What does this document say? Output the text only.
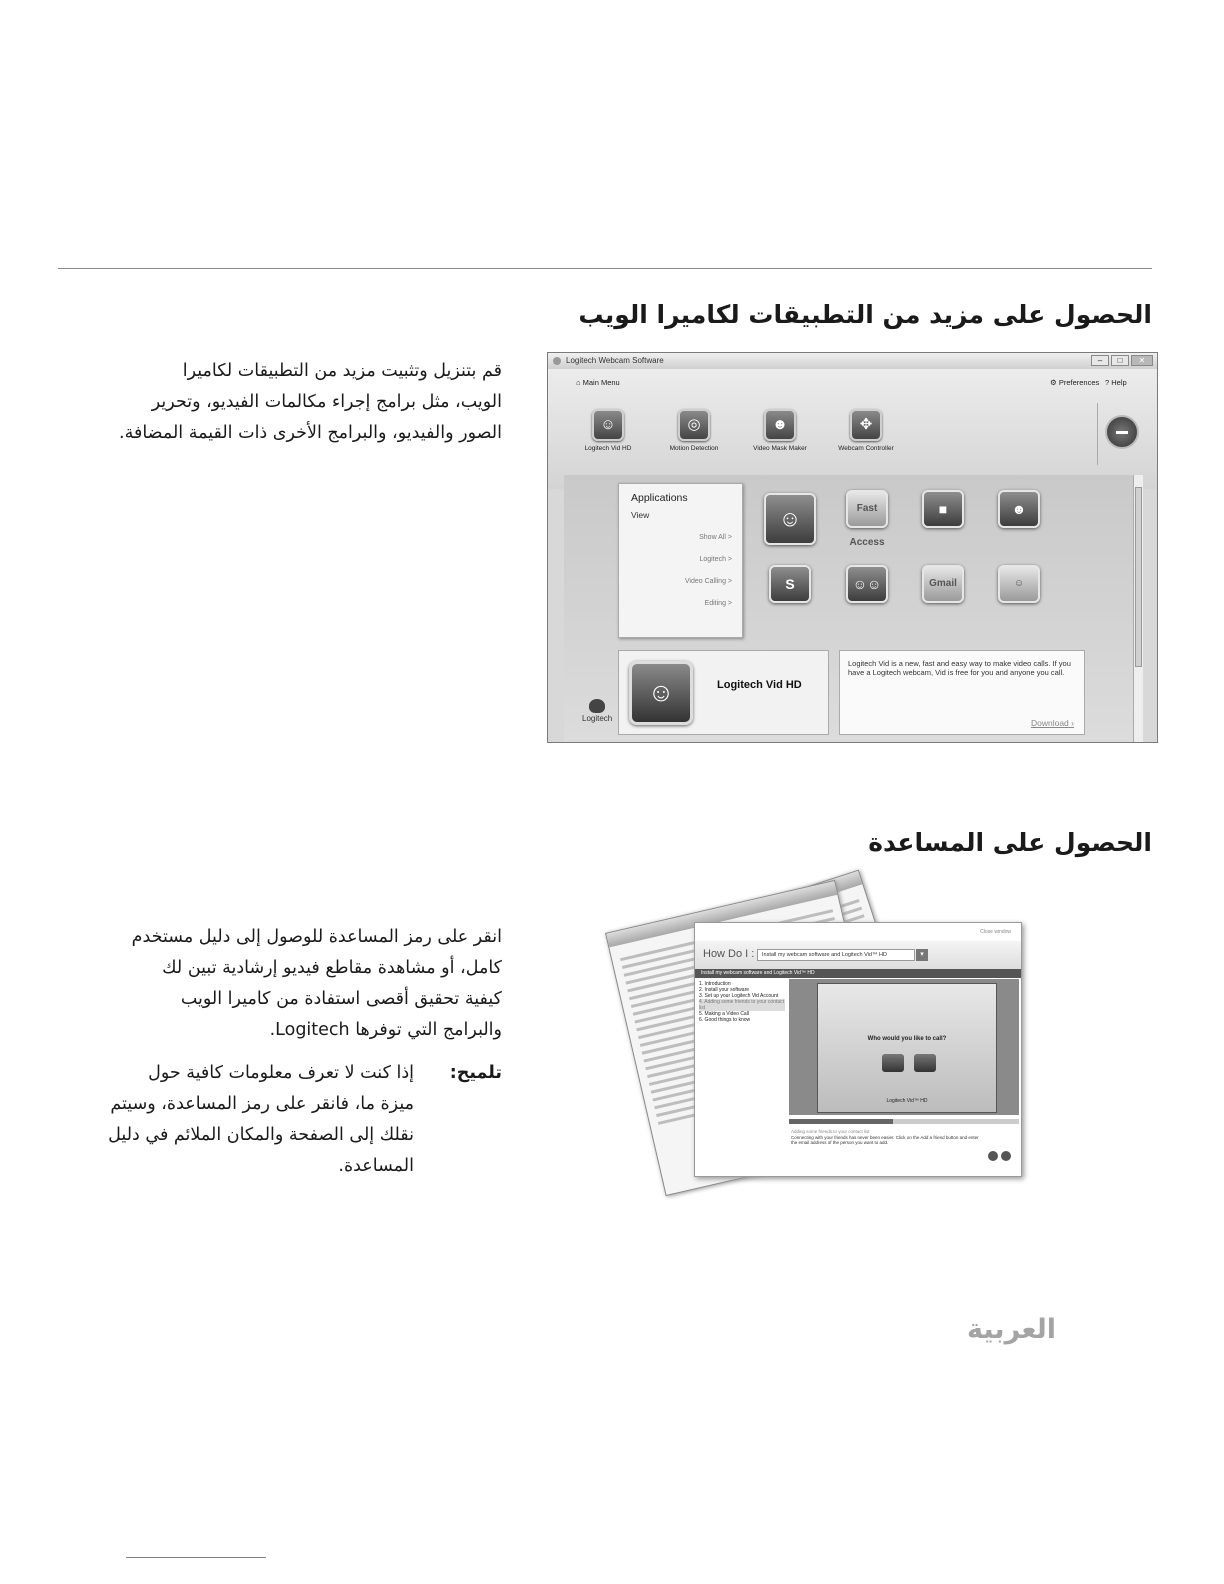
الحصول على مزيد من التطبيقات لكاميرا الويب

قم بتنزيل وتثبيت مزيد من التطبيقات لكاميرا

الويب، مثل برامج إجراء مكالمات الفيديو، وتحرير

الصور والفيديو، والبرامج الأخرى ذات القيمة المضافة.

Logitech Webcam Software	–	□	✕
⌂ Main Menu	⚙ Preferences ? Help
☺
Logitech Vid HD
◎
Motion Detection
☻
Video Mask Maker
✥
Webcam Controller
Applications
View
Show All >
Logitech >
Video Calling >
Editing >
☺	Fast Access
■	☻
S	☺☺	Gmail	☺
☺	Logitech Vid HD
Logitech Vid is a new, fast and easy way to make video calls. If you have a Logitech webcam, Vid is free for you and anyone you call.
Download ›
Logitech
الحصول على المساعدة

انقر على رمز المساعدة للوصول إلى دليل مستخدم

كامل، أو مشاهدة مقاطع فيديو إرشادية تبين لك

كيفية تحقيق أقصى استفادة من كاميرا الويب

والبرامج التي توفرها Logitech.

تلميح:

إذا كنت لا تعرف معلومات كافية حول

ميزة ما، فانقر على رمز المساعدة، وسيتم

نقلك إلى الصفحة والمكان الملائم في دليل

المساعدة.

Close window
How Do I :	Install my webcam software and Logitech Vid™ HD ▾
Install my webcam software and Logitech Vid™ HD
1. Introduction
2. Install your software
3. Set up your Logitech Vid Account
4. Adding some friends to your contact list
5. Making a Video Call
6. Good things to know
Who would you like to call?
Logitech Vid™ HD
Adding some friends to your contact list
Connecting with your friends has never been easier. Click on the Add a friend button and enter the email address of the person you want to add.
العربية
